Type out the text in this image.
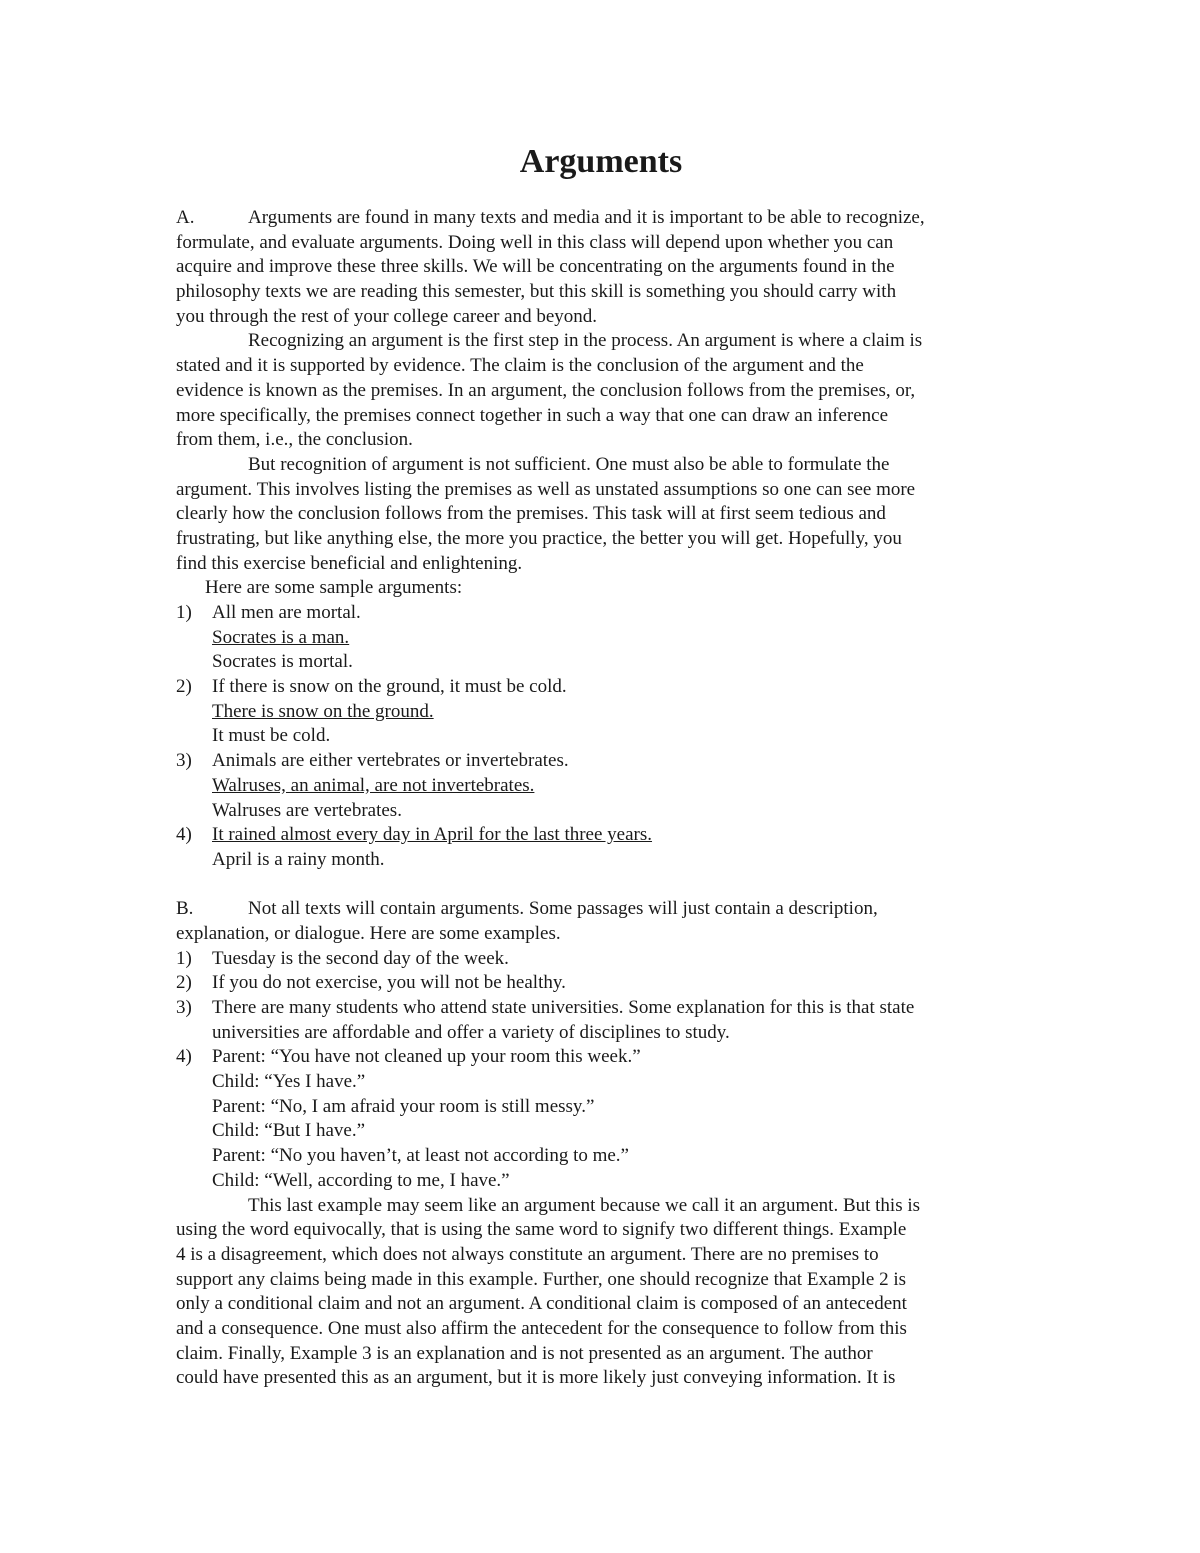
Arguments
A.	Arguments are found in many texts and media and it is important to be able to recognize,
formulate, and evaluate arguments. Doing well in this class will depend upon whether you can
acquire and improve these three skills. We will be concentrating on the arguments found in the
philosophy texts we are reading this semester, but this skill is something you should carry with
you through the rest of your college career and beyond.
Recognizing an argument is the first step in the process. An argument is where a claim is
stated and it is supported by evidence. The claim is the conclusion of the argument and the
evidence is known as the premises. In an argument, the conclusion follows from the premises, or,
more specifically, the premises connect together in such a way that one can draw an inference
from them, i.e., the conclusion.
But recognition of argument is not sufficient. One must also be able to formulate the
argument. This involves listing the premises as well as unstated assumptions so one can see more
clearly how the conclusion follows from the premises. This task will at first seem tedious and
frustrating, but like anything else, the more you practice, the better you will get. Hopefully, you
find this exercise beneficial and enlightening.
Here are some sample arguments:
1) All men are mortal.
Socrates is a man.
Socrates is mortal.
2) If there is snow on the ground, it must be cold.
There is snow on the ground.
It must be cold.
3) Animals are either vertebrates or invertebrates.
Walruses, an animal, are not invertebrates.
Walruses are vertebrates.
4) It rained almost every day in April for the last three years.
April is a rainy month.
B.	Not all texts will contain arguments. Some passages will just contain a description,
explanation, or dialogue. Here are some examples.
1) Tuesday is the second day of the week.
2) If you do not exercise, you will not be healthy.
3) There are many students who attend state universities. Some explanation for this is that state
universities are affordable and offer a variety of disciplines to study.
4) Parent: “You have not cleaned up your room this week.”
Child: “Yes I have.”
Parent: “No, I am afraid your room is still messy.”
Child: “But I have.”
Parent: “No you haven’t, at least not according to me.”
Child: “Well, according to me, I have.”
This last example may seem like an argument because we call it an argument. But this is
using the word equivocally, that is using the same word to signify two different things. Example
4 is a disagreement, which does not always constitute an argument. There are no premises to
support any claims being made in this example. Further, one should recognize that Example 2 is
only a conditional claim and not an argument. A conditional claim is composed of an antecedent
and a consequence. One must also affirm the antecedent for the consequence to follow from this
claim. Finally, Example 3 is an explanation and is not presented as an argument. The author
could have presented this as an argument, but it is more likely just conveying information. It is
